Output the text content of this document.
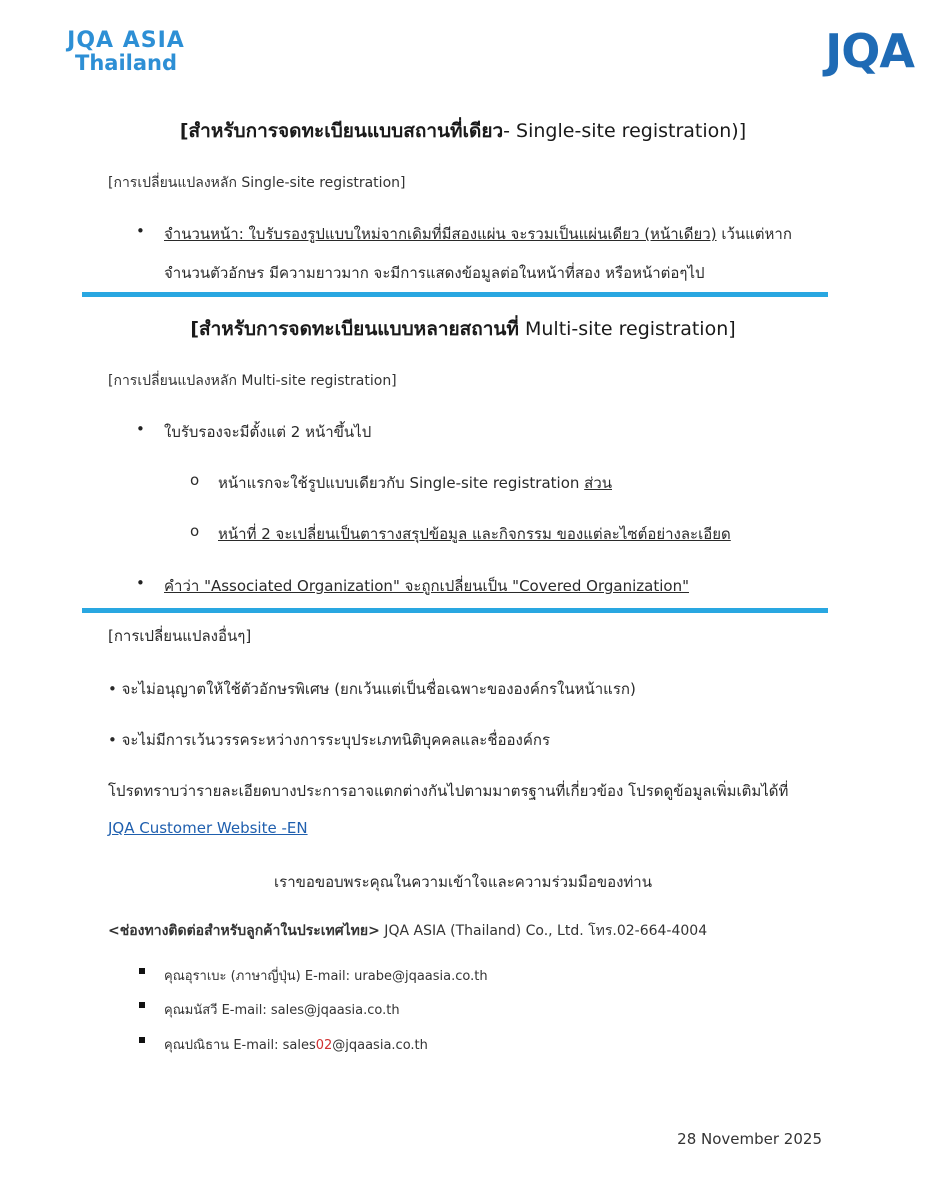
JQA ASIA
Thailand	JQA
[สำหรับการจดทะเบียนแบบสถานที่เดียว- Single-site registration)]
[การเปลี่ยนแปลงหลัก Single-site registration]
• จำนวนหน้า: ใบรับรองรูปแบบใหม่จากเดิมที่มีสองแผ่น จะรวมเป็นแผ่นเดียว (หน้าเดียว) เว้นแต่หาก
จำนวนตัวอักษร มีความยาวมาก จะมีการแสดงข้อมูลต่อในหน้าที่สอง หรือหน้าต่อๆไป
[สำหรับการจดทะเบียนแบบหลายสถานที่ Multi-site registration]
[การเปลี่ยนแปลงหลัก Multi-site registration]
• ใบรับรองจะมีตั้งแต่ 2 หน้าขึ้นไป
o หน้าแรกจะใช้รูปแบบเดียวกับ Single-site registration ส่วน
o หน้าที่ 2 จะเปลี่ยนเป็นตารางสรุปข้อมูล และกิจกรรม ของแต่ละไซต์อย่างละเอียด
• คำว่า "Associated Organization" จะถูกเปลี่ยนเป็น "Covered Organization"
[การเปลี่ยนแปลงอื่นๆ]
• จะไม่อนุญาตให้ใช้ตัวอักษรพิเศษ (ยกเว้นแต่เป็นชื่อเฉพาะขององค์กรในหน้าแรก)
• จะไม่มีการเว้นวรรคระหว่างการระบุประเภทนิติบุคคลและชื่อองค์กร
โปรดทราบว่ารายละเอียดบางประการอาจแตกต่างกันไปตามมาตรฐานที่เกี่ยวข้อง โปรดดูข้อมูลเพิ่มเติมได้ที่
JQA Customer Website -EN
เราขอขอบพระคุณในความเข้าใจและความร่วมมือของท่าน
<ช่องทางติดต่อสำหรับลูกค้าในประเทศไทย> JQA ASIA (Thailand) Co., Ltd. โทร.02-664-4004
คุณอุราเบะ (ภาษาญี่ปุ่น) E-mail: urabe@jqaasia.co.th
คุณมนัสวี E-mail: sales@jqaasia.co.th
คุณปณิธาน E-mail: sales02@jqaasia.co.th
28 November 2025
